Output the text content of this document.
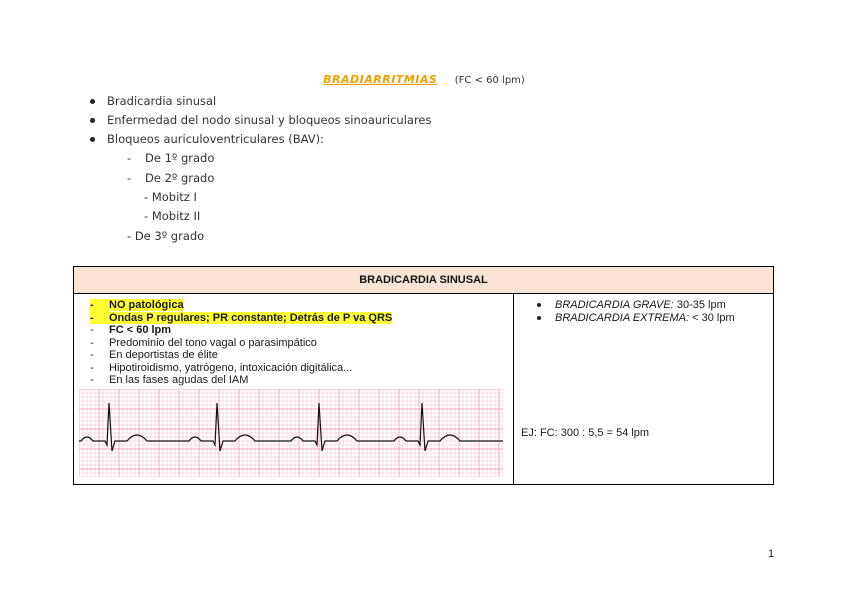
BRADIARRITMIAS (FC < 60 lpm)
Bradicardia sinusal
Enfermedad del nodo sinusal y bloqueos sinoauriculares
Bloqueos auriculoventriculares (BAV):
- De 1º grado
- De 2º grado
- Mobitz I
- Mobitz II
- De 3º grado
BRADICARDIA SINUSAL
- NO patológica
- Ondas P regulares; PR constante; Detrás de P va QRS
- FC < 60 lpm
- Predominio del tono vagal o parasimpático
- En deportistas de élite
- Hipotiroidismo, yatrógeno, intoxicación digitálica...
- En las fases agudas del IAM
BRADICARDIA GRAVE: 30-35 lpm
BRADICARDIA EXTREMA: < 30 lpm
EJ: FC: 300 : 5,5 = 54 lpm
1
